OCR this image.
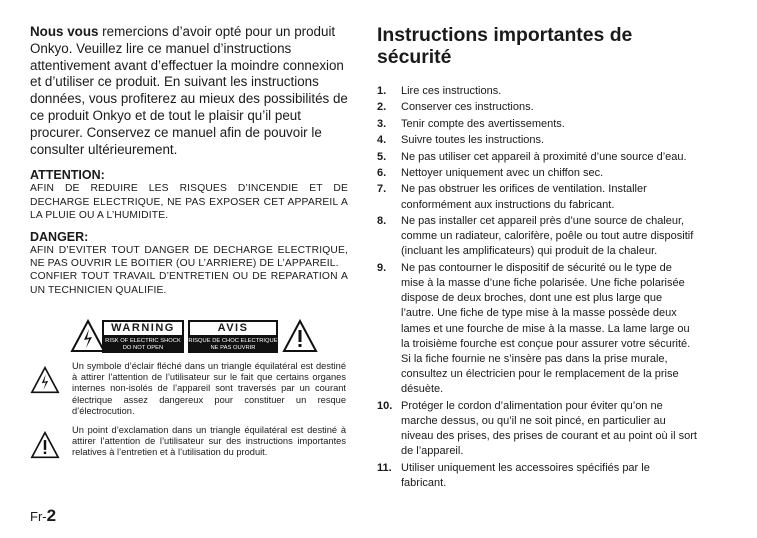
Nous vous remercions d’avoir opté pour un produit Onkyo. Veuillez lire ce manuel d’instructions attentivement avant d’effectuer la moindre connexion et d’utiliser ce produit. En suivant les instructions données, vous profiterez au mieux des possibilités de ce produit Onkyo et de tout le plaisir qu’il peut procurer. Conservez ce manuel afin de pouvoir le consulter ultérieurement.

ATTENTION:

AFIN DE REDUIRE LES RISQUES D’INCENDIE ET DE DECHARGE ELECTRIQUE, NE PAS EXPOSER CET APPAREIL A LA PLUIE OU A L’HUMIDITE.

DANGER:

AFIN D’EVITER TOUT DANGER DE DECHARGE ELECTRIQUE, NE PAS OUVRIR LE BOITIER (OU L’ARRIERE) DE L’APPAREIL.

CONFIER TOUT TRAVAIL D’ENTRETIEN OU DE REPARATION A UN TECHNICIEN QUALIFIE.

WARNING
RISK OF ELECTRIC SHOCK
DO NOT OPEN
AVIS
RISQUE DE CHOC ELECTRIQUE
NE PAS OUVRIR

Un symbole d’éclair fléché dans un triangle équilatéral est destiné à attirer l’attention de l’utilisateur sur le fait que certains organes internes non-isolés de l’appareil sont traversés par un courant électrique assez dangereux pour constituer un resque d’électrocution.

Un point d’exclamation dans un triangle équilatéral est destiné à attirer l’attention de l’utilisateur sur des instructions importantes relatives à l’entretien et à l’utilisation du produit.

Instructions importantes de sécurité
1. Lire ces instructions.
2. Conserver ces instructions.
3. Tenir compte des avertissements.
4. Suivre toutes les instructions.
5. Ne pas utiliser cet appareil à proximité d’une source d’eau.
6. Nettoyer uniquement avec un chiffon sec.
7. Ne pas obstruer les orifices de ventilation. Installer conformément aux instructions du fabricant.
8. Ne pas installer cet appareil près d’une source de chaleur, comme un radiateur, calorifère, poêle ou tout autre dispositif (incluant les amplificateurs) qui produit de la chaleur.
9. Ne pas contourner le dispositif de sécurité ou le type de mise à la masse d’une fiche polarisée. Une fiche polarisée dispose de deux broches, dont une est plus large que l’autre. Une fiche de type mise à la masse possède deux lames et une fourche de mise à la masse. La lame large ou la troisième fourche est conçue pour assurer votre sécurité. Si la fiche fournie ne s’insère pas dans la prise murale, consultez un électricien pour le remplacement de la prise désuète.
10. Protéger le cordon d’alimentation pour éviter qu’on ne marche dessus, ou qu’il ne soit pincé, en particulier au niveau des prises, des prises de courant et au point où il sort de l’appareil.
11. Utiliser uniquement les accessoires spécifiés par le fabricant.
Fr-2
